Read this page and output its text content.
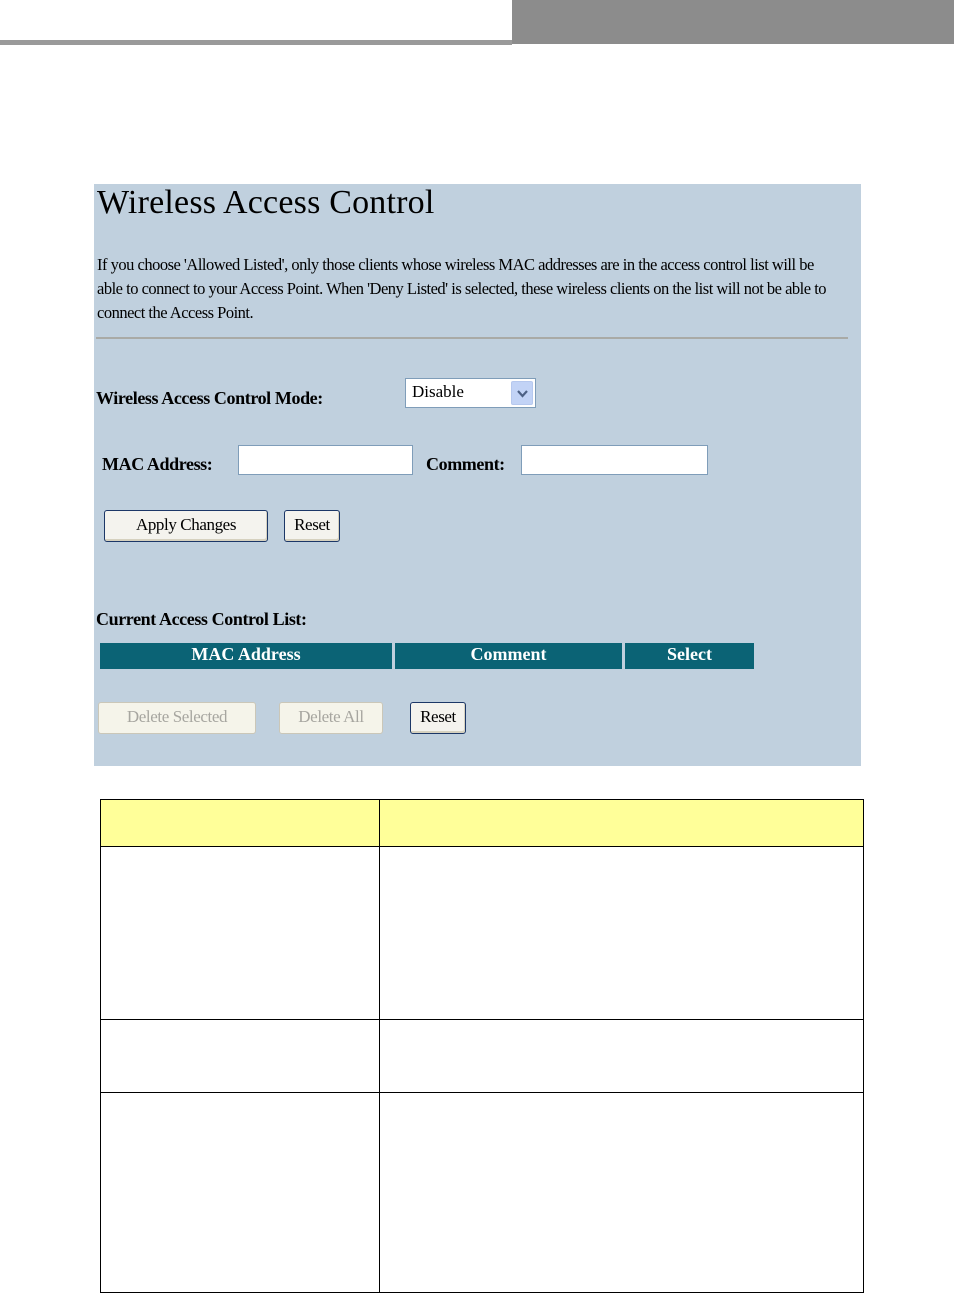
Wireless Access Control
If you choose 'Allowed Listed', only those clients whose wireless MAC addresses are in the access control list will be able to connect to your Access Point. When 'Deny Listed' is selected, these wireless clients on the list will not be able to connect the Access Point.
Wireless Access Control Mode:	Disable
MAC Address:	Comment:
Apply Changes	Reset
Current Access Control List:
MAC Address	Comment	Select
Delete Selected	Delete All	Reset
